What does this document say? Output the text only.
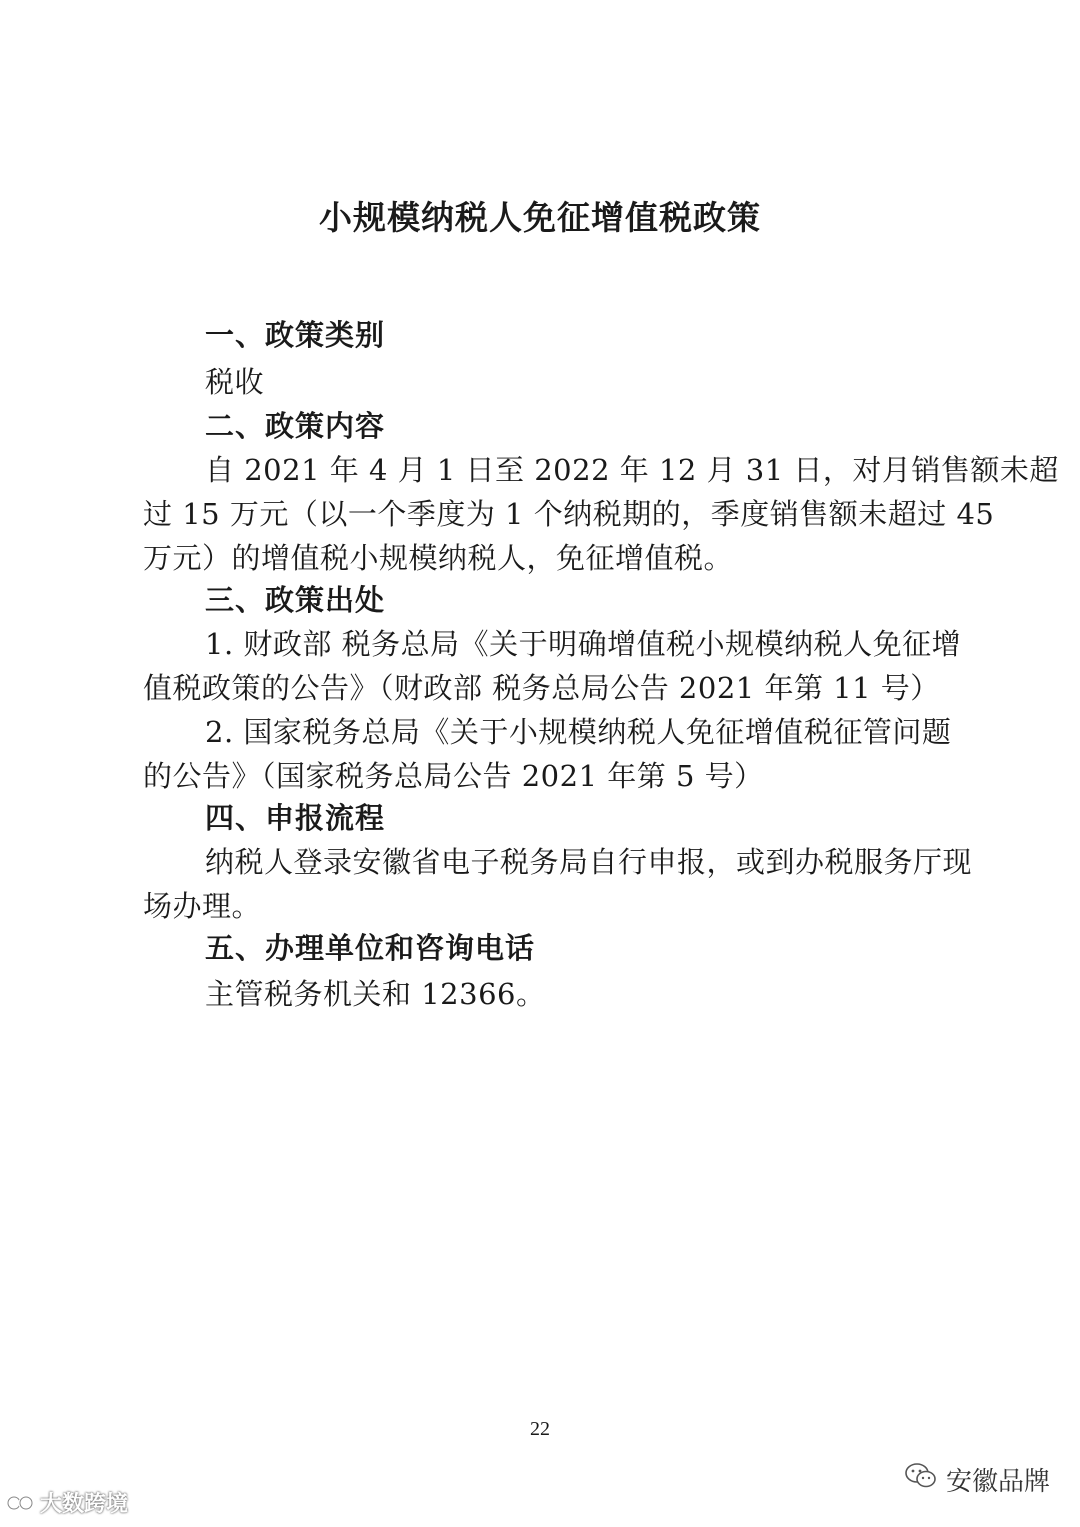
小规模纳税人免征增值税政策
一、政策类别
税收
二、政策内容
自 2021 年 4 月 1 日至 2022 年 12 月 31 日，对月销售额未超
过 15 万元（以一个季度为 1 个纳税期的，季度销售额未超过 45
万元）的增值税小规模纳税人，免征增值税。
三、政策出处
1. 财政部 税务总局《关于明确增值税小规模纳税人免征增
值税政策的公告》（财政部 税务总局公告 2021 年第 11 号）
2. 国家税务总局《关于小规模纳税人免征增值税征管问题
的公告》（国家税务总局公告 2021 年第 5 号）
四、申报流程
纳税人登录安徽省电子税务局自行申报，或到办税服务厅现
场办理。
五、办理单位和咨询电话
主管税务机关和 12366。
22
大数跨境
安徽品牌
